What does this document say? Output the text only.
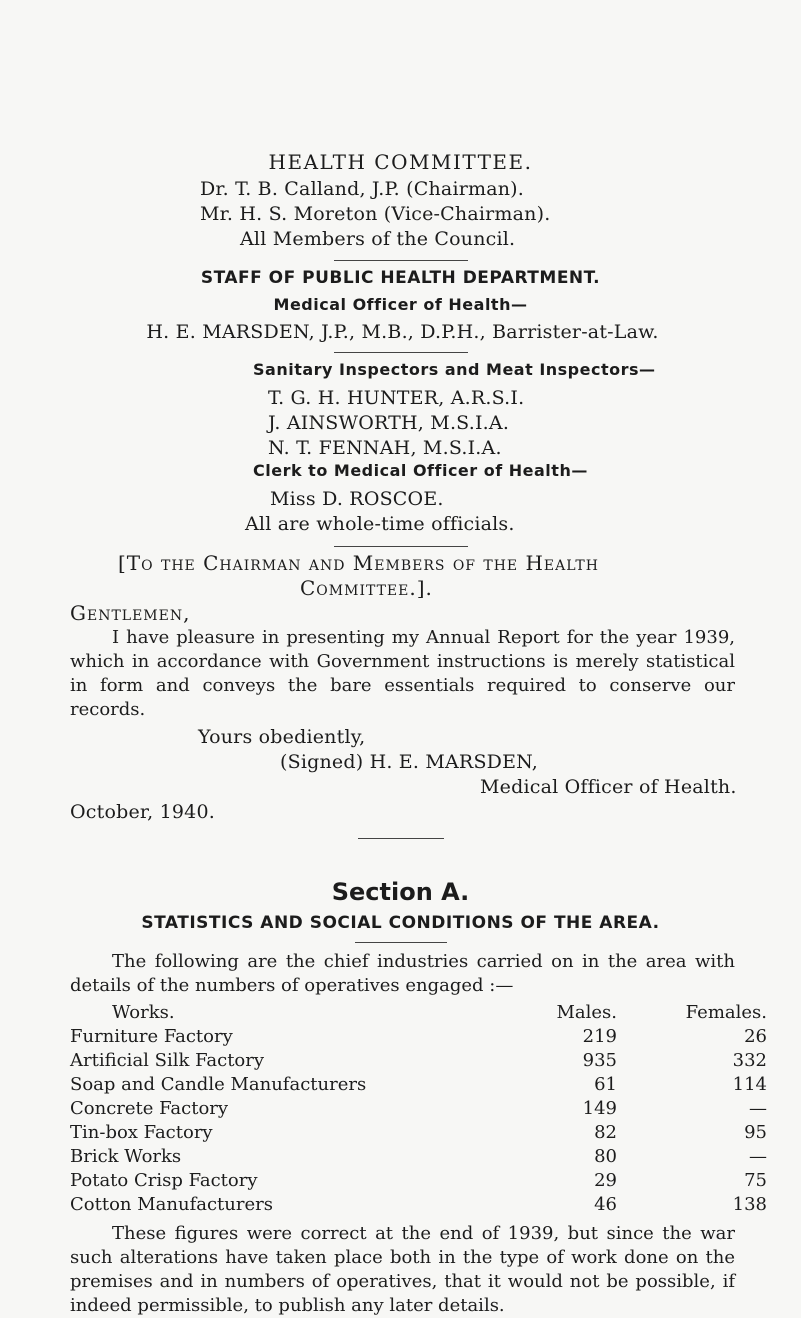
HEALTH COMMITTEE.
Dr. T. B. Calland, J.P. (Chairman).
Mr. H. S. Moreton (Vice-Chairman).
All Members of the Council.
STAFF OF PUBLIC HEALTH DEPARTMENT.
Medical Officer of Health—
H. E. MARSDEN, J.P., M.B., D.P.H., Barrister-at-Law.
Sanitary Inspectors and Meat Inspectors—
T. G. H. HUNTER, A.R.S.I.
J. AINSWORTH, M.S.I.A.
N. T. FENNAH, M.S.I.A.
Clerk to Medical Officer of Health—
Miss D. ROSCOE.
All are whole-time officials.
[To the Chairman and Members of the Health
Committee.].
Gentlemen,
I have pleasure in presenting my Annual Report for the year 1939, which in accordance with Government instructions is merely statistical in form and conveys the bare essentials required to conserve our records.
Yours obediently,
(Signed) H. E. MARSDEN,
Medical Officer of Health.
October, 1940.
Section A.
STATISTICS AND SOCIAL CONDITIONS OF THE AREA.
The following are the chief industries carried on in the area with details of the numbers of operatives engaged :—
Works.	Males.	Females.
Furniture Factory	219	26
Artificial Silk Factory	935	332
Soap and Candle Manufacturers	61	114
Concrete Factory	149	—
Tin-box Factory	82	95
Brick Works	80	—
Potato Crisp Factory	29	75
Cotton Manufacturers	46	138
These figures were correct at the end of 1939, but since the war such alterations have taken place both in the type of work done on the premises and in numbers of operatives, that it would not be possible, if indeed permissible, to publish any later details.
